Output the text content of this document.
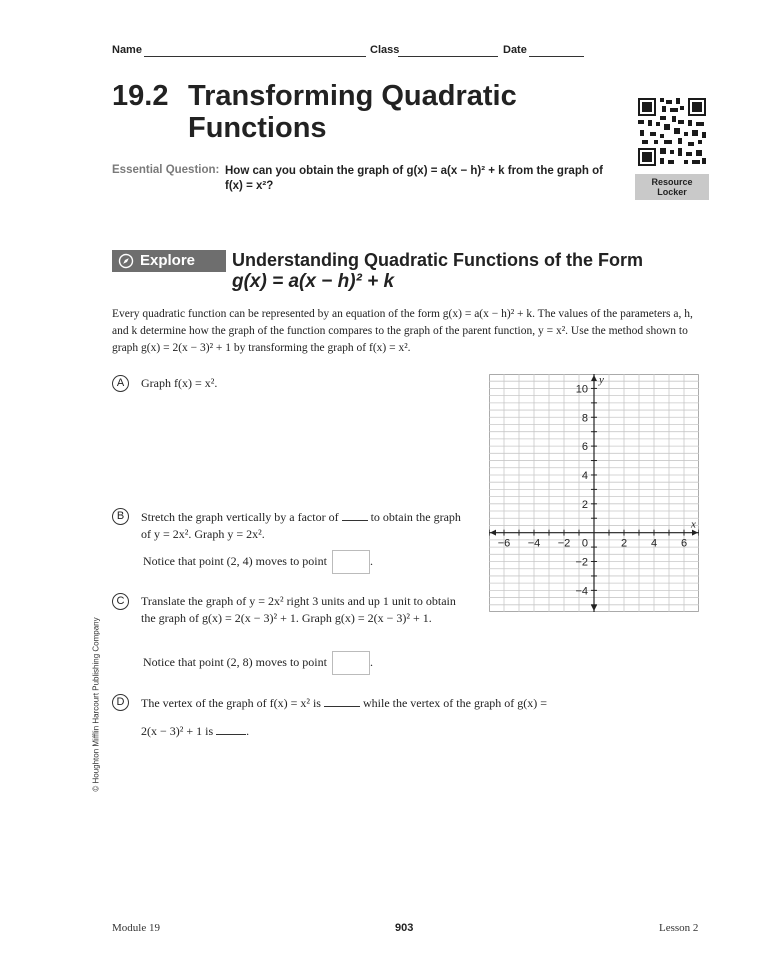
Name	Class	Date
19.2 Transforming Quadratic
Functions
Resource
Locker
Essential Question: How can you obtain the graph of g(x) = a(x − h)² + k from the graph of
f(x) = x²?
Explore Understanding Quadratic Functions of the Form
g(x) = a(x − h)² + k
Every quadratic function can be represented by an equation of the form g(x) = a(x − h)² + k. The values of the parameters a, h, and k determine how the graph of the function compares to the graph of the parent function, y = x². Use the method shown to graph g(x) = 2(x − 3)² + 1 by transforming the graph of f(x) = x².
A	Graph f(x) = x².
B	Stretch the graph vertically by a factor of	to obtain the graph of y = 2x². Graph y = 2x².
Notice that point (2, 4) moves to point	.
C	Translate the graph of y = 2x² right 3 units and up 1 unit to obtain the graph of g(x) = 2(x − 3)² + 1. Graph g(x) = 2(x − 3)² + 1.
Notice that point (2, 8) moves to point	.
D	The vertex of the graph of f(x) = x² is	while the vertex of the graph of g(x) =
2(x − 3)² + 1 is	.
−6 −4 −2	2 4 6
10
8
6
4
2
−2
−4
0
x
y
© Houghton Mifflin Harcourt Publishing Company
Module 19	903	Lesson 2
